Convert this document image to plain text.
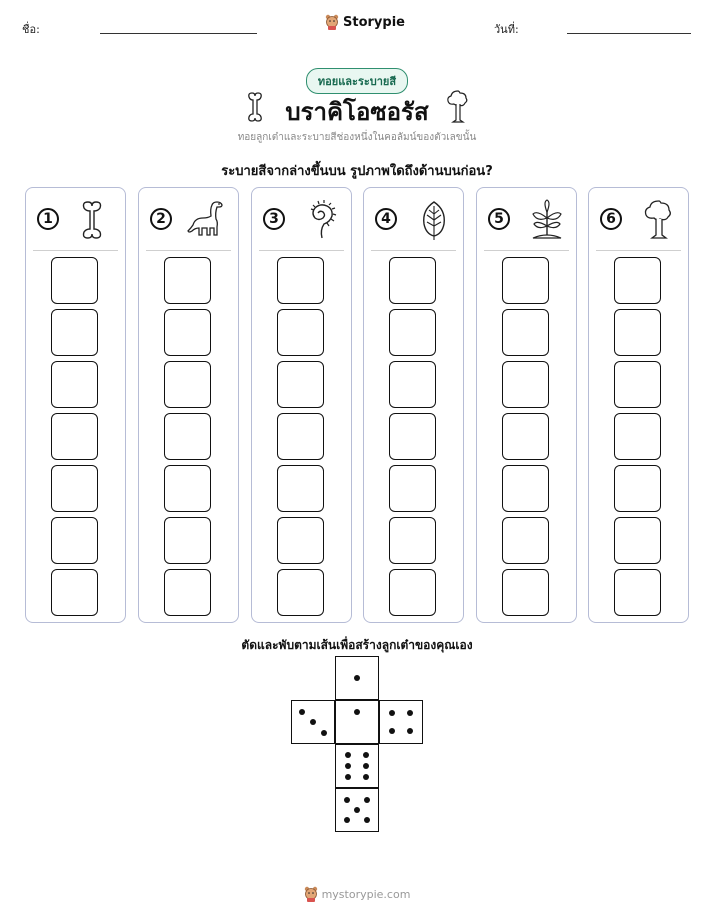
ชื่อ:	Storypie	วันที่:
ทอยและระบายสี
บราคิโอซอรัส
ทอยลูกเต๋าและระบายสีช่องหนึ่งในคอลัมน์ของตัวเลขนั้น
ระบายสีจากล่างขึ้นบน รูปภาพใดถึงด้านบนก่อน?
1	2	3	4	5	6
ตัดและพับตามเส้นเพื่อสร้างลูกเต๋าของคุณเอง
mystorypie.com
